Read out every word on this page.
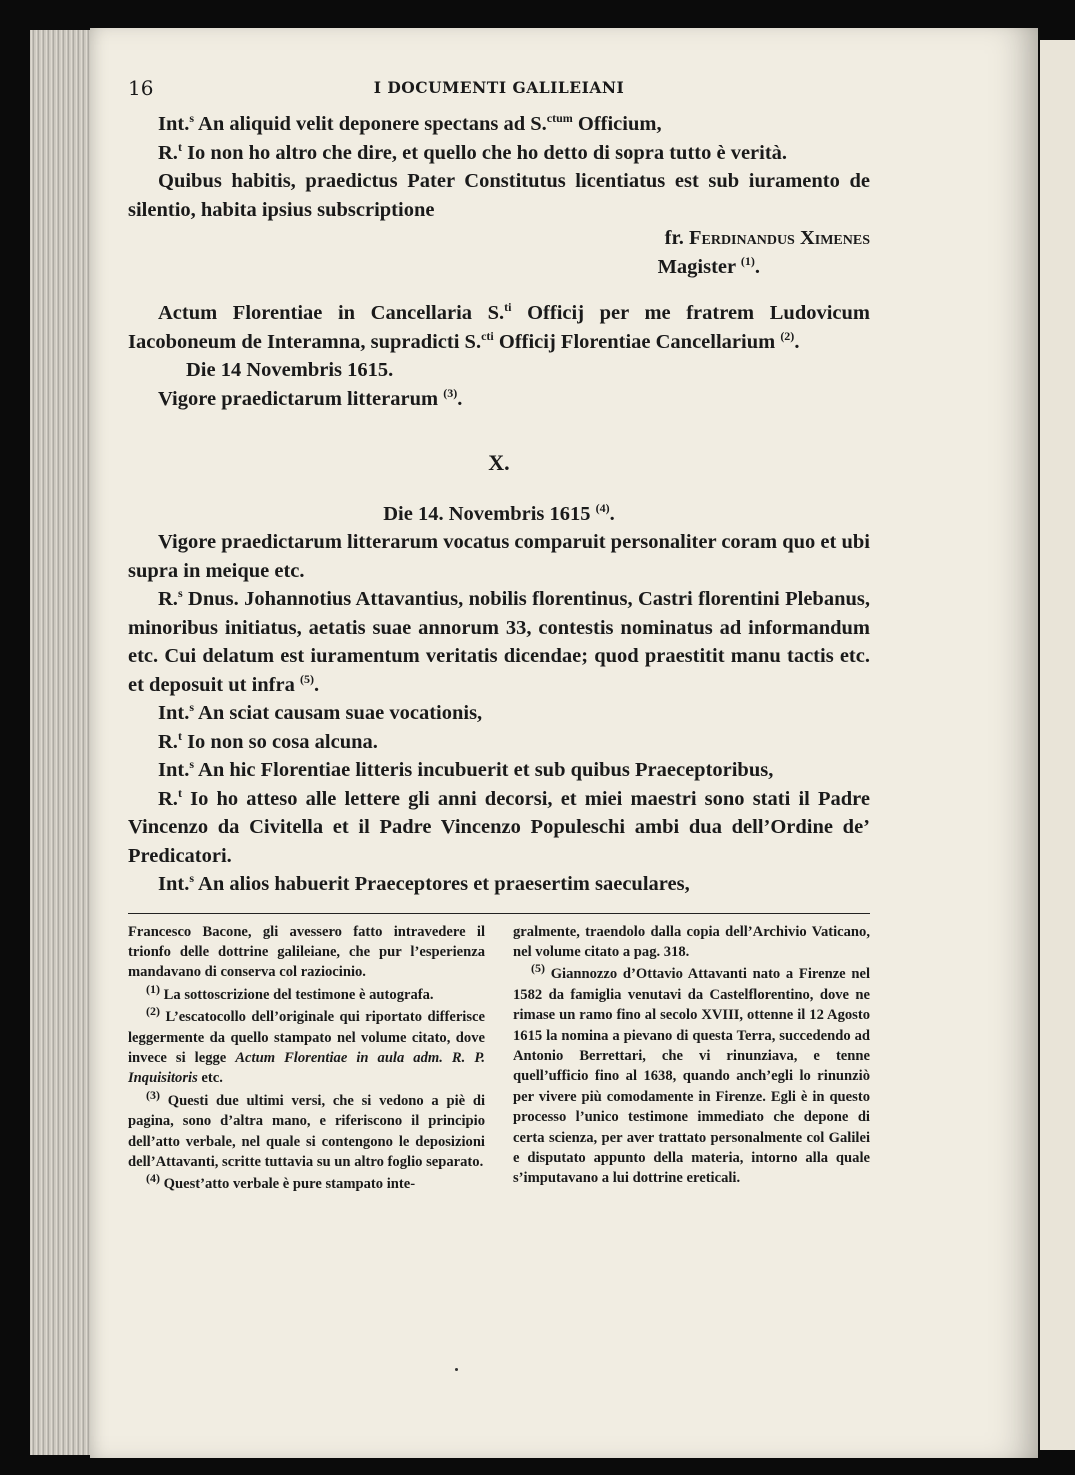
16	I DOCUMENTI GALILEIANI

Int.$^s$ An aliquid velit deponere spectans ad S.$^{ctum}$ Officium,

R.$^t$ Io non ho altro che dire, et quello che ho detto di sopra tutto è verità.

Quibus habitis, praedictus Pater Constitutus licentiatus est sub iuramento de silentio, habita ipsius subscriptione

fr. Ferdinandus Ximenes

Magister $^{(1)}$.

Actum Florentiae in Cancellaria S.$^{ti}$ Officij per me fratrem Ludovicum Iacoboneum de Interamna, supradicti S.$^{cti}$ Officij Florentiae Cancellarium $^{(2)}$.

Die 14 Novembris 1615.

Vigore praedictarum litterarum $^{(3)}$.

X.

Die 14. Novembris 1615 $^{(4)}$.

Vigore praedictarum litterarum vocatus comparuit personaliter coram quo et ubi supra in meique etc.

R.$^s$ Dnus. Johannotius Attavantius, nobilis florentinus, Castri florentini Plebanus, minoribus initiatus, aetatis suae annorum 33, contestis nominatus ad informandum etc. Cui delatum est iuramentum veritatis dicendae; quod praestitit manu tactis etc. et deposuit ut infra $^{(5)}$.

Int.$^s$ An sciat causam suae vocationis,

R.$^t$ Io non so cosa alcuna.

Int.$^s$ An hic Florentiae litteris incubuerit et sub quibus Praeceptoribus,

R.$^t$ Io ho atteso alle lettere gli anni decorsi, et miei maestri sono stati il Padre Vincenzo da Civitella et il Padre Vincenzo Populeschi ambi dua dell’Ordine de’ Predicatori.

Int.$^s$ An alios habuerit Praeceptores et praesertim saeculares,

Francesco Bacone, gli avessero fatto intravedere il trionfo delle dottrine galileiane, che pur l’esperienza mandavano di conserva col raziocinio.

$^{(1)}$ La sottoscrizione del testimone è autografa.

$^{(2)}$ L’escatocollo dell’originale qui riportato differisce leggermente da quello stampato nel volume citato, dove invece si legge Actum Florentiae in aula adm. R. P. Inquisitoris etc.

$^{(3)}$ Questi due ultimi versi, che si vedono a piè di pagina, sono d’altra mano, e riferiscono il principio dell’atto verbale, nel quale si contengono le deposizioni dell’Attavanti, scritte tuttavia su un altro foglio separato.

$^{(4)}$ Quest’atto verbale è pure stampato inte-

gralmente, traendolo dalla copia dell’Archivio Vaticano, nel volume citato a pag. 318.

$^{(5)}$ Giannozzo d’Ottavio Attavanti nato a Firenze nel 1582 da famiglia venutavi da Castelflorentino, dove ne rimase un ramo fino al secolo XVIII, ottenne il 12 Agosto 1615 la nomina a pievano di questa Terra, succedendo ad Antonio Berrettari, che vi rinunziava, e tenne quell’ufficio fino al 1638, quando anch’egli lo rinunziò per vivere più comodamente in Firenze. Egli è in questo processo l’unico testimone immediato che depone di certa scienza, per aver trattato personalmente col Galilei e disputato appunto della materia, intorno alla quale s’imputavano a lui dottrine ereticali.
